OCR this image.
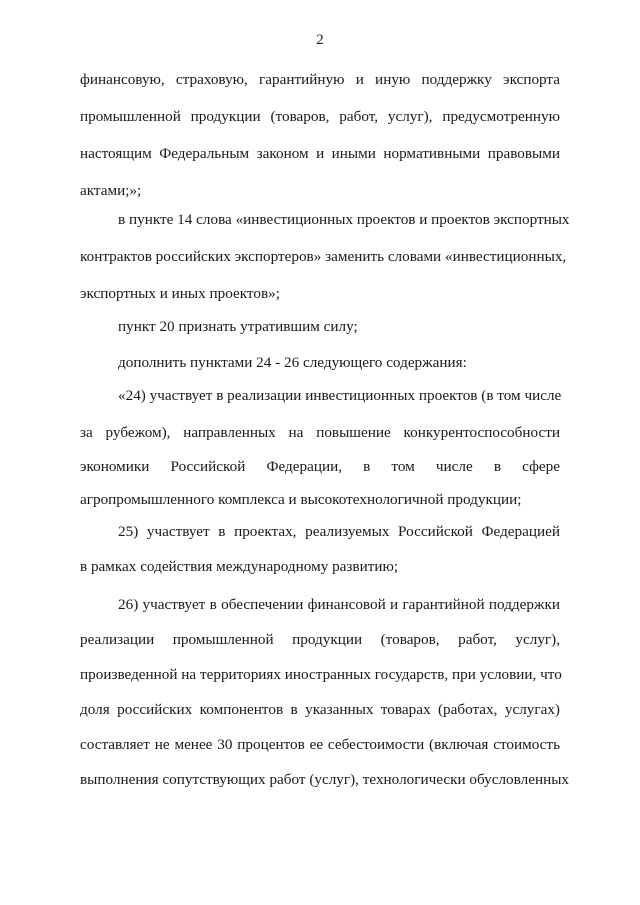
2
финансовую, страховую, гарантийную и иную поддержку экспорта
промышленной продукции (товаров, работ, услуг), предусмотренную
настоящим Федеральным законом и иными нормативными правовыми
актами;»;
в пункте 14 слова «инвестиционных проектов и проектов экспортных
контрактов российских экспортеров» заменить словами «инвестиционных,
экспортных и иных проектов»;
пункт 20 признать утратившим силу;
дополнить пунктами 24 - 26 следующего содержания:
«24) участвует в реализации инвестиционных проектов (в том числе
за рубежом), направленных на повышение конкурентоспособности
экономики Российской Федерации, в том числе в сфере
агропромышленного комплекса и высокотехнологичной продукции;
25) участвует в проектах, реализуемых Российской Федерацией
в рамках содействия международному развитию;
26) участвует в обеспечении финансовой и гарантийной поддержки
реализации промышленной продукции (товаров, работ, услуг),
произведенной на территориях иностранных государств, при условии, что
доля российских компонентов в указанных товарах (работах, услугах)
составляет не менее 30 процентов ее себестоимости (включая стоимость
выполнения сопутствующих работ (услуг), технологически обусловленных
